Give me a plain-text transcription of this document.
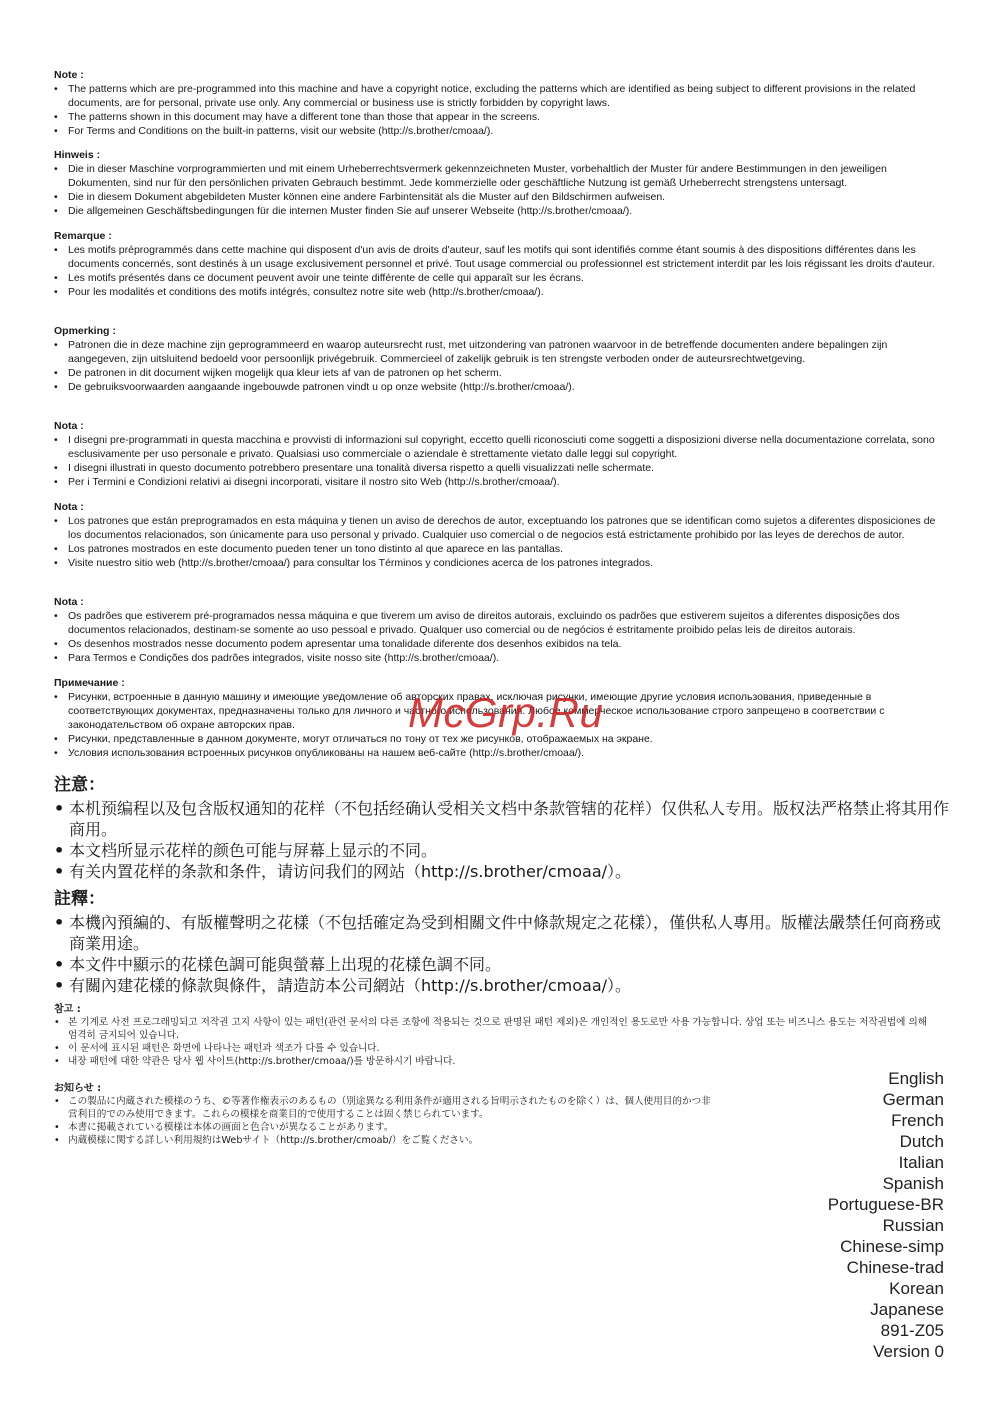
Note :
• The patterns which are pre-programmed into this machine and have a copyright notice, excluding the patterns which are identified as being subject to different provisions in the related documents, are for personal, private use only. Any commercial or business use is strictly forbidden by copyright laws.
• The patterns shown in this document may have a different tone than those that appear in the screens.
• For Terms and Conditions on the built-in patterns, visit our website (http://s.brother/cmoaa/).
Hinweis :
• Die in dieser Maschine vorprogrammierten und mit einem Urheberrechtsvermerk gekennzeichneten Muster, vorbehaltlich der Muster für andere Bestimmungen in den jeweiligen Dokumenten, sind nur für den persönlichen privaten Gebrauch bestimmt. Jede kommerzielle oder geschäftliche Nutzung ist gemäß Urheberrecht strengstens untersagt.
• Die in diesem Dokument abgebildeten Muster können eine andere Farbintensität als die Muster auf den Bildschirmen aufweisen.
• Die allgemeinen Geschäftsbedingungen für die internen Muster finden Sie auf unserer Webseite (http://s.brother/cmoaa/).
Remarque :
• Les motifs préprogrammés dans cette machine qui disposent d'un avis de droits d'auteur, sauf les motifs qui sont identifiés comme étant soumis à des dispositions différentes dans les documents concernés, sont destinés à un usage exclusivement personnel et privé. Tout usage commercial ou professionnel est strictement interdit par les lois régissant les droits d'auteur.
• Les motifs présentés dans ce document peuvent avoir une teinte différente de celle qui apparaît sur les écrans.
• Pour les modalités et conditions des motifs intégrés, consultez notre site web (http://s.brother/cmoaa/).
Opmerking :
• Patronen die in deze machine zijn geprogrammeerd en waarop auteursrecht rust, met uitzondering van patronen waarvoor in de betreffende documenten andere bepalingen zijn aangegeven, zijn uitsluitend bedoeld voor persoonlijk privégebruik. Commercieel of zakelijk gebruik is ten strengste verboden onder de auteursrechtwetgeving.
• De patronen in dit document wijken mogelijk qua kleur iets af van de patronen op het scherm.
• De gebruiksvoorwaarden aangaande ingebouwde patronen vindt u op onze website (http://s.brother/cmoaa/).
Nota :
• I disegni pre-programmati in questa macchina e provvisti di informazioni sul copyright, eccetto quelli riconosciuti come soggetti a disposizioni diverse nella documentazione correlata, sono esclusivamente per uso personale e privato. Qualsiasi uso commerciale o aziendale è strettamente vietato dalle leggi sul copyright.
• I disegni illustrati in questo documento potrebbero presentare una tonalità diversa rispetto a quelli visualizzati nelle schermate.
• Per i Termini e Condizioni relativi ai disegni incorporati, visitare il nostro sito Web (http://s.brother/cmoaa/).
Nota :
• Los patrones que están preprogramados en esta máquina y tienen un aviso de derechos de autor, exceptuando los patrones que se identifican como sujetos a diferentes disposiciones de los documentos relacionados, son únicamente para uso personal y privado. Cualquier uso comercial o de negocios está estrictamente prohibido por las leyes de derechos de autor.
• Los patrones mostrados en este documento pueden tener un tono distinto al que aparece en las pantallas.
• Visite nuestro sitio web (http://s.brother/cmoaa/) para consultar los Términos y condiciones acerca de los patrones integrados.
Nota :
• Os padrões que estiverem pré-programados nessa máquina e que tiverem um aviso de direitos autorais, excluindo os padrões que estiverem sujeitos a diferentes disposições dos documentos relacionados, destinam-se somente ao uso pessoal e privado. Qualquer uso comercial ou de negócios é estritamente proibido pelas leis de direitos autorais.
• Os desenhos mostrados nesse documento podem apresentar uma tonalidade diferente dos desenhos exibidos na tela.
• Para Termos e Condições dos padrões integrados, visite nosso site (http://s.brother/cmoaa/).
Примечание :
• Рисунки, встроенные в данную машину и имеющие уведомление об авторских правах, исключая рисунки, имеющие другие условия использования, приведенные в соответствующих документах, предназначены только для личного и частного использования. Любое коммерческое использование строго запрещено в соответствии с законодательством об охране авторских прав.
• Рисунки, представленные в данном документе, могут отличаться по тону от тех же рисунков, отображаемых на экране.
• Условия использования встроенных рисунков опубликованы на нашем веб-сайте (http://s.brother/cmoaa/).
注意：
• 本机预编程以及包含版权通知的花样（不包括经确认受相关文档中条款管辖的花样）仅供私人专用。版权法严格禁止将其用作商用。
• 本文档所显示花样的颜色可能与屏幕上显示的不同。
• 有关内置花样的条款和条件，请访问我们的网站（http://s.brother/cmoaa/）。
註釋：
• 本機內預編的、有版權聲明之花樣（不包括確定為受到相關文件中條款規定之花樣），僅供私人專用。版權法嚴禁任何商務或商業用途。
• 本文件中顯示的花樣色調可能與螢幕上出現的花樣色調不同。
• 有關內建花樣的條款與條件，請造訪本公司網站（http://s.brother/cmoaa/）。
참고 :
• 본 기계로 사전 프로그래밍되고 저작권 고지 사항이 있는 패턴(관련 문서의 다른 조항에 적용되는 것으로 판명된 패턴 제외)은 개인적인 용도로만 사용 가능합니다. 상업 또는 비즈니스 용도는 저작권법에 의해 엄격히 금지되어 있습니다.
• 이 문서에 표시된 패턴은 화면에 나타나는 패턴과 색조가 다를 수 있습니다.
• 내장 패턴에 대한 약관은 당사 웹 사이트(http://s.brother/cmoaa/)를 방문하시기 바랍니다.
お知らせ :
• この製品に内蔵された模様のうち、©等著作権表示のあるもの（別途異なる利用条件が適用される旨明示されたものを除く）は、個人使用目的かつ非営利目的でのみ使用できます。これらの模様を商業目的で使用することは固く禁じられています。
• 本書に掲載されている模様は本体の画面と色合いが異なることがあります。
• 内蔵模様に関する詳しい利用規約はWebサイト（http://s.brother/cmoab/）をご覧ください。
English
German
French
Dutch
Italian
Spanish
Portuguese-BR
Russian
Chinese-simp
Chinese-trad
Korean
Japanese
891-Z05
Version 0
McGrp.Ru
